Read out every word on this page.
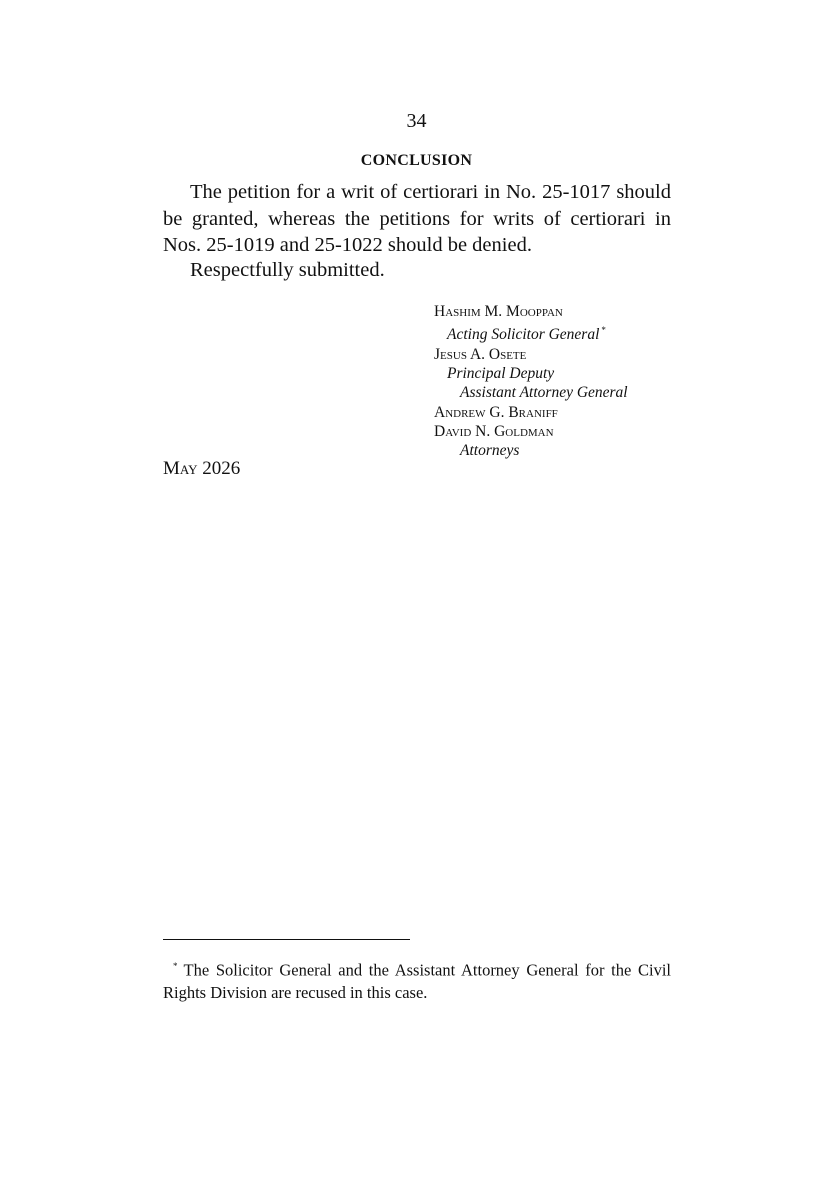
34
CONCLUSION

The petition for a writ of certiorari in No. 25-1017 should be granted, whereas the petitions for writs of certiorari in Nos. 25-1019 and 25-1022 should be denied.

Respectfully submitted.
Hashim M. Mooppan
Acting Solicitor General *
Jesus A. Osete
Principal Deputy
Assistant Attorney General
Andrew G. Braniff
David N. Goldman
Attorneys
May 2026

* The Solicitor General and the Assistant Attorney General for the Civil Rights Division are recused in this case.
